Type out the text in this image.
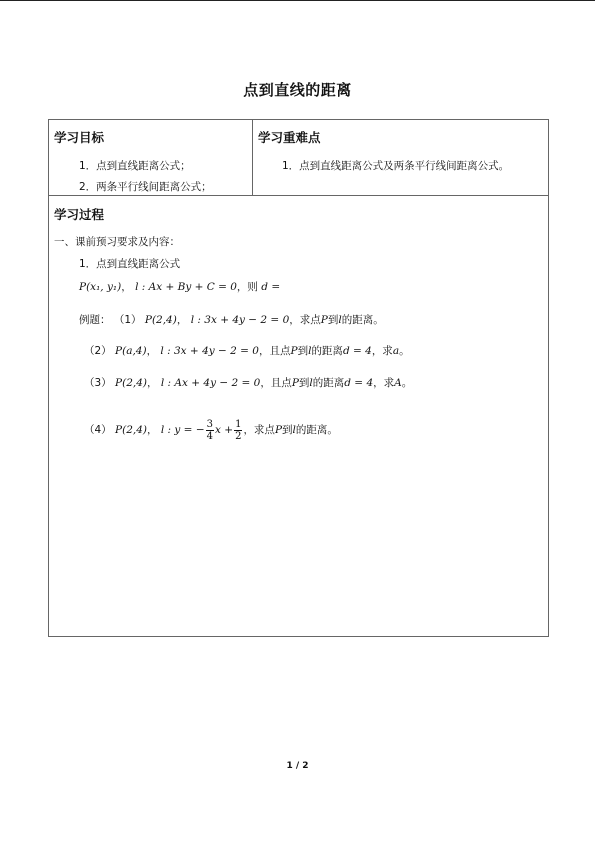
点到直线的距离
学习目标
1．点到直线距离公式；
2．两条平行线间距离公式；
学习重难点
1．点到直线距离公式及两条平行线间距离公式。
学习过程
一、课前预习要求及内容：
1．点到直线距离公式
P(x₁, y₁)， l : Ax + By + C = 0，则 d =
例题： （1） P(2,4)， l : 3x + 4y − 2 = 0，求点P到l的距离。
（2） P(a,4)， l : 3x + 4y − 2 = 0，且点P到l的距离d = 4，求a。
（3） P(2,4)， l : Ax + 4y − 2 = 0，且点P到l的距离d = 4，求A。
（4） P(2,4)， l : y = − $\frac{3}{4}$ $x + \frac{1}{2}$ ，求点P到l的距离。
1 / 2
